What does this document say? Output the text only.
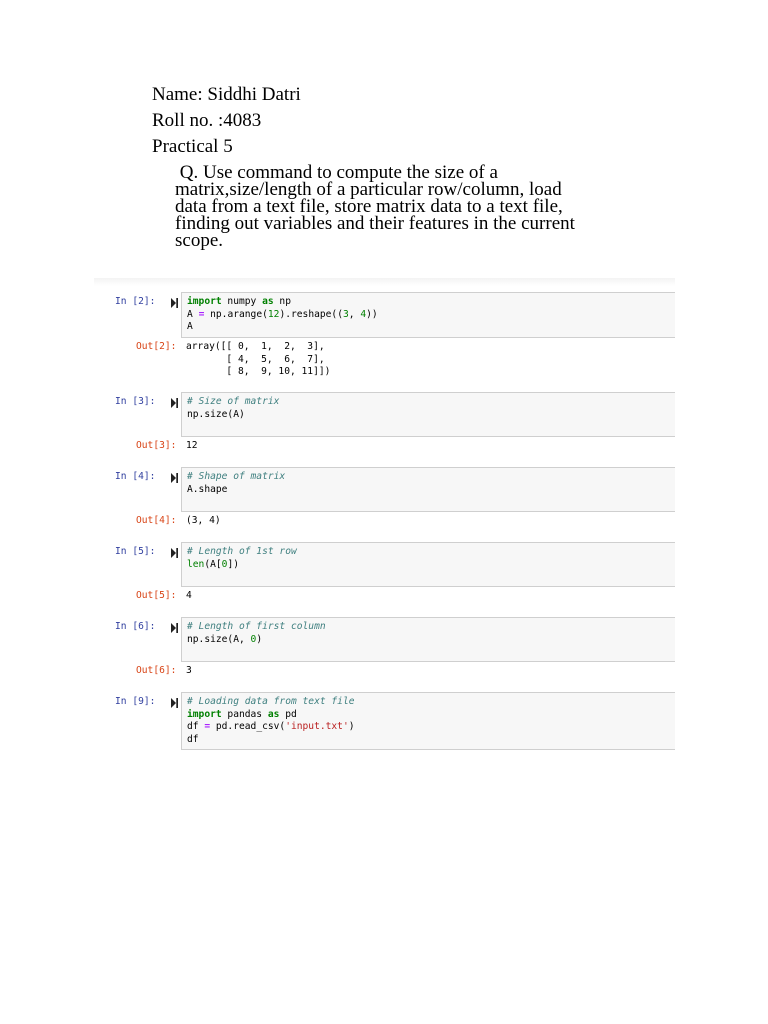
Name: Siddhi Datri
Roll no. :4083
Practical 5

Q. Use command to compute the size of a
matrix,size/length of a particular row/column, load
data from a text file, store matrix data to a text file,
finding out variables and their features in the current
scope.

In [2]:	import numpy as np
A = np.arange(12).reshape((3, 4))
A
Out[2]: array([[ 0,  1,  2,  3],
[ 4,  5,  6,  7],
[ 8,  9, 10, 11]])
In [3]:	# Size of matrix
np.size(A)
Out[3]: 12
In [4]:	# Shape of matrix
A.shape
Out[4]: (3, 4)
In [5]:	# Length of 1st row
len(A[0])
Out[5]: 4
In [6]:	# Length of first column
np.size(A, 0)
Out[6]: 3
In [9]:	# Loading data from text file
import pandas as pd
df = pd.read_csv('input.txt')
df
